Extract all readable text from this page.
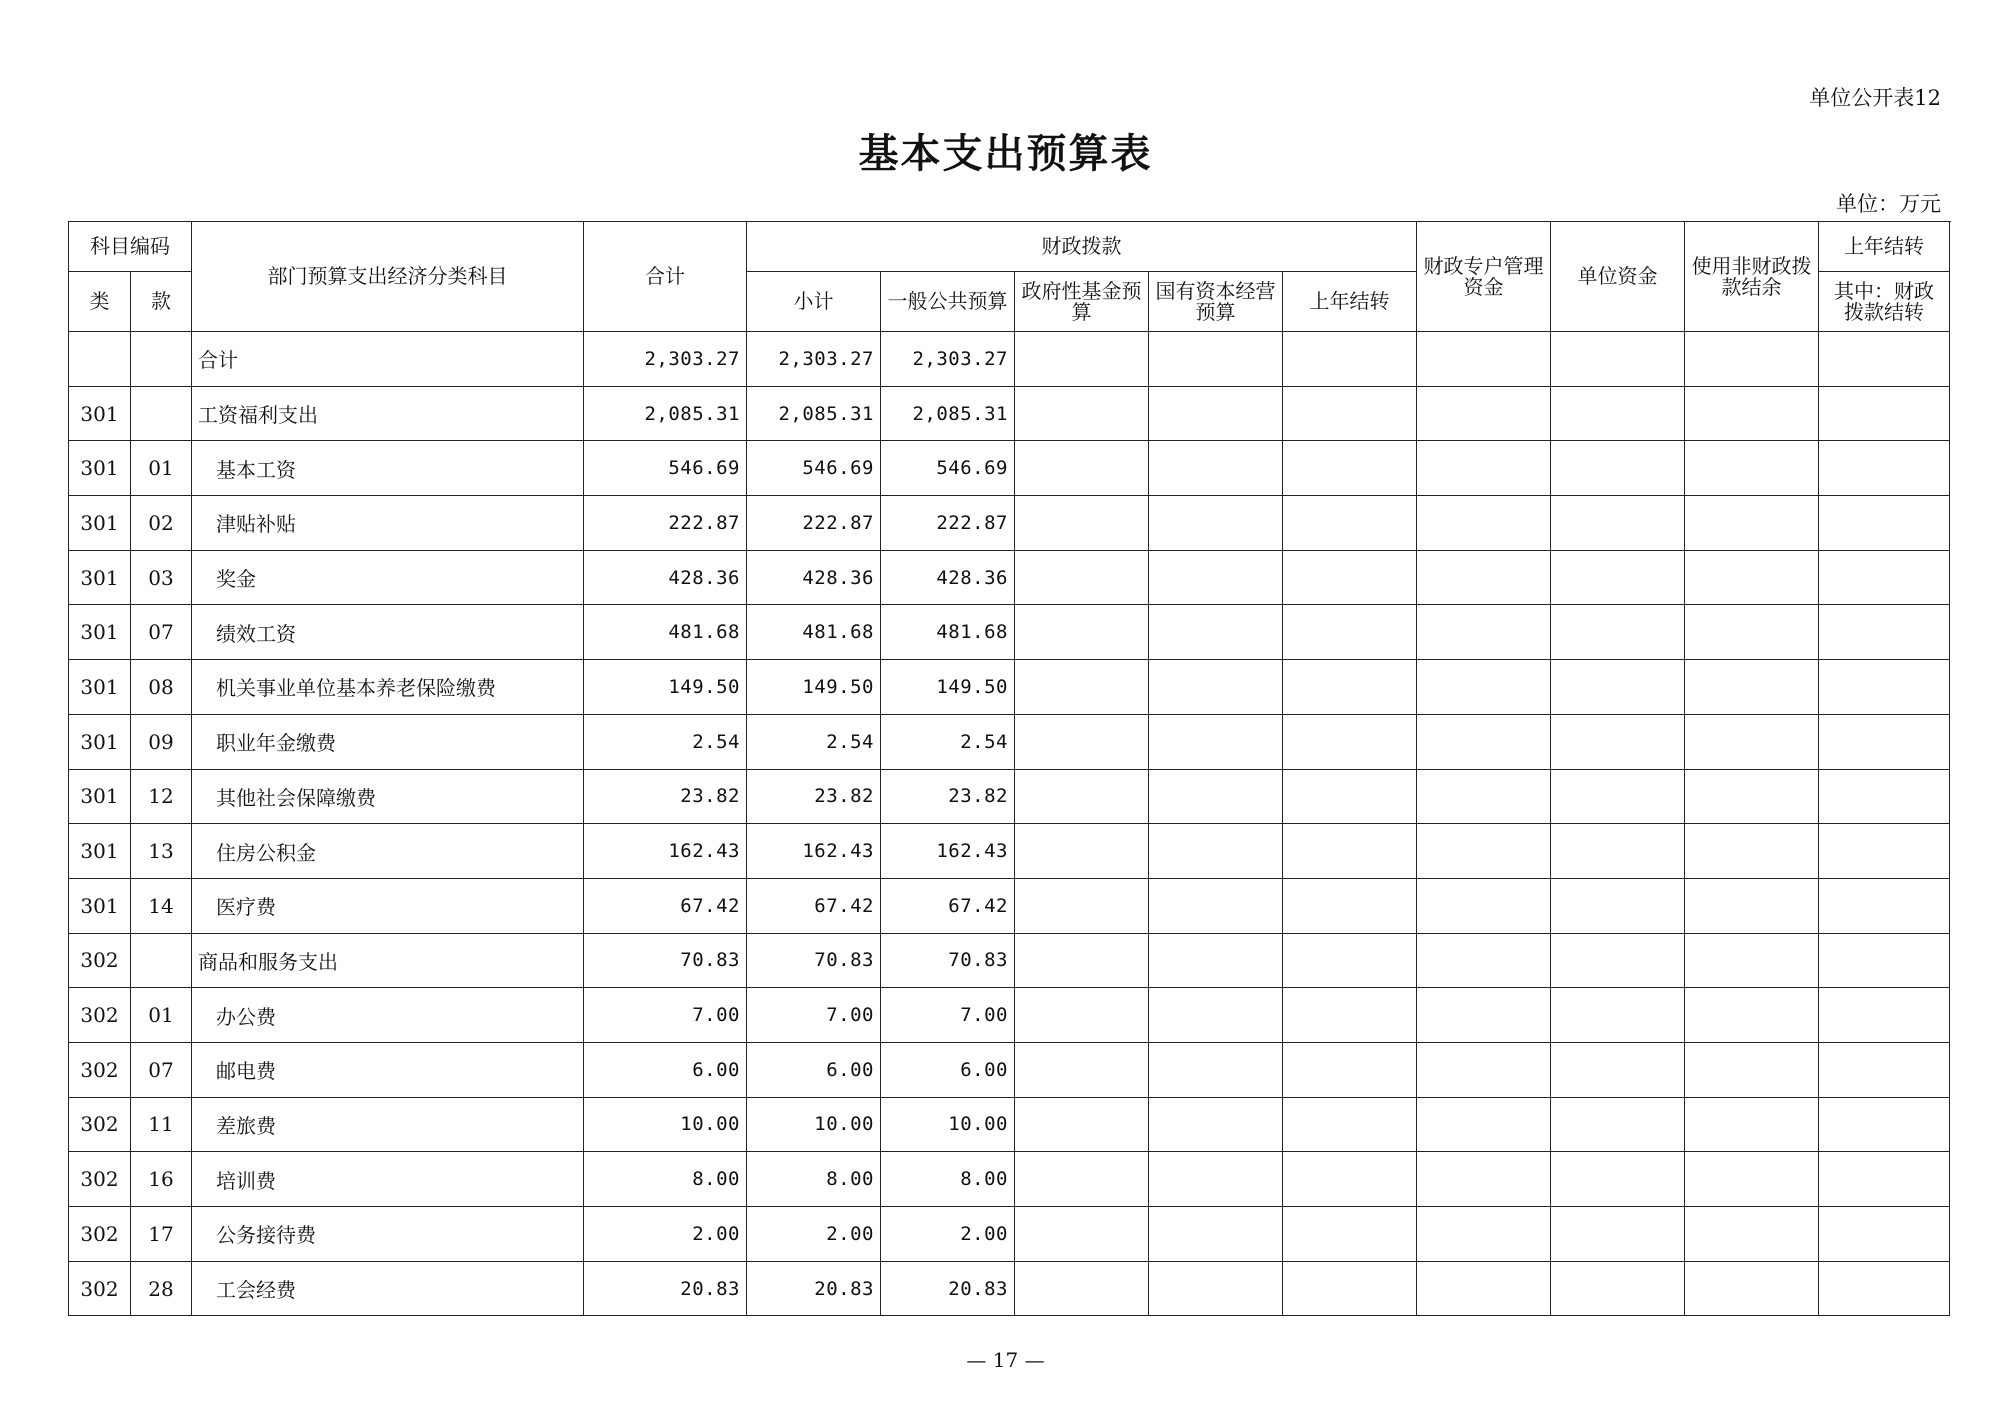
单位公开表12
基本支出预算表
单位：万元
科目编码		部门预算支出经济分类科目	合计	财政拨款					财政专户管理资金	单位资金	使用非财政拨款结余	上年结转
类	款			小计	一般公共预算	政府性基金预算	国有资本经营预算	上年结转				其中：财政拨款结转
		合计	2,303.27	2,303.27	2,303.27							
301		工资福利支出	2,085.31	2,085.31	2,085.31							
301	01	基本工资	546.69	546.69	546.69							
301	02	津贴补贴	222.87	222.87	222.87							
301	03	奖金	428.36	428.36	428.36							
301	07	绩效工资	481.68	481.68	481.68							
301	08	机关事业单位基本养老保险缴费	149.50	149.50	149.50							
301	09	职业年金缴费	2.54	2.54	2.54							
301	12	其他社会保障缴费	23.82	23.82	23.82							
301	13	住房公积金	162.43	162.43	162.43							
301	14	医疗费	67.42	67.42	67.42							
302		商品和服务支出	70.83	70.83	70.83							
302	01	办公费	7.00	7.00	7.00							
302	07	邮电费	6.00	6.00	6.00							
302	11	差旅费	10.00	10.00	10.00							
302	16	培训费	8.00	8.00	8.00							
302	17	公务接待费	2.00	2.00	2.00							
302	28	工会经费	20.83	20.83	20.83							
— 17 —
